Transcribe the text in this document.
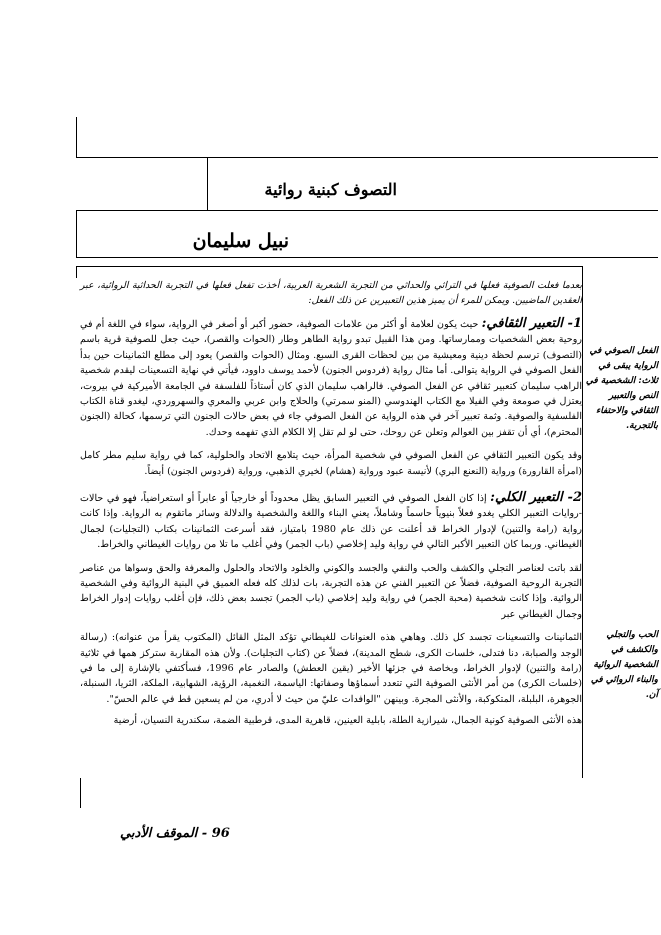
التصوف كبنية روائية
نبيل سليمان

بعدما فعلت الصوفية فعلها في التراثي والحداثي من التجربة الشعرية العربية، أخذت تفعل فعلها في التجربة الحداثية الروائية، عبر العقدين الماضيين. ويمكن للمرء أن يميز هذين التعبيرين عن ذلك الفعل:

1- التعبير الثقافي: حيث يكون لعلامة أو أكثر من علامات الصوفية، حضور أكبر أو أصغر في الرواية، سواء في اللغة أم في روحية بعض الشخصيات وممارساتها. ومن هذا القبيل تبدو رواية الطاهر وطار (الحوات والقصر)، حيث جعل للصوفية قرية باسم (التصوف) ترسم لحظة دينية ومعيشية من بين لحظات القرى السبع. ومثال (الحوات والقصر) يعود إلى مطلع الثمانينات حين بدأ الفعل الصوفي في الرواية يتوالى. أما مثال رواية (فردوس الجنون) لأحمد يوسف داوود، فيأتي في نهاية التسعينات ليقدم شخصية الراهب سليمان كتعبير ثقافي عن الفعل الصوفي. فالراهب سليمان الذي كان أستاذاً للفلسفة في الجامعة الأميركية في بيروت، يعتزل في صومعة وفي الفيلا مع الكتاب الهندوسي (المنو سمرتي) والحلاج وابن عربي والمعري والسهروردي، ليغدو قناة الكتاب الفلسفية والصوفية. وثمة تعبير آخر في هذه الرواية عن الفعل الصوفي جاء في بعض حالات الجنون التي ترسمها، كحالة (الجنون المحترم)، أي أن تقفز بين العوالم وتعلن عن روحك، حتى لو لم تقل إلا الكلام الذي تفهمه وحدك.

وقد يكون التعبير الثقافي عن الفعل الصوفي في شخصية المرأة، حيث يتلامع الاتحاد والحلولية، كما في رواية سليم مطر كامل (امرأة القارورة) ورواية (النعنع البري) لأنيسة عبود ورواية (هشام) لخيري الذهبي، ورواية (فردوس الجنون) أيضاً.

2- التعبير الكلي: إذا كان الفعل الصوفي في التعبير السابق يظل محدوداً أو خارجياً أو عابراً أو استعراضياً، فهو في حالات -روايات التعبير الكلي يغدو فعلاً بنيوياً حاسماً وشاملاً، يعني البناء واللغة والشخصية والدلالة وسائر ماتقوم به الرواية. وإذا كانت رواية (رامة والتنين) لإدوار الخراط قد أعلنت عن ذلك عام 1980 بامتياز، فقد أسرعت الثمانينات بكتاب (التجليات) لجمال الغيطاني. وربما كان التعبير الأكبر التالي في رواية وليد إخلاصي (باب الجمر) وفي أغلب ما تلا من روايات الغيطاني والخراط.

لقد باتت لعناصر التجلي والكشف والحب والنفي والجسد والكوني والخلود والاتحاد والحلول والمعرفة والحق وسواها من عناصر التجربة الروحية الصوفية، فضلاً عن التعبير الفني عن هذه التجربة، بات لذلك كله فعله العميق في البنية الروائية وفي الشخصية الروائية. وإذا كانت شخصية (محبة الجمر) في رواية وليد إخلاصي (باب الجمر) تجسد بعض ذلك، فإن أغلب روايات إدوار الخراط وجمال الغيطاني عبر

الثمانينات والتسعينات تجسد كل ذلك. وهاهي هذه العنوانات للغيطاني تؤكد المثل القائل (المكتوب يقرأ من عنوانه): (رسالة الوجد والصبابة، دنا فتدلى، خلسات الكرى، شطح المدينة)، فضلاً عن (كتاب التجليات). ولأن هذه المقاربة ستركز همها في ثلاثية (رامة والتنين) لإدوار الخراط، وبخاصة في جزئها الأخير (يقين العطش) والصادر عام 1996، فسأكتفي بالإشارة إلى ما في (خلسات الكرى) من أمر الأنثى الصوفية التي تتعدد أسماؤها وصفاتها: الياسمة، النغمية، الرؤية، الشهابية، الملكة، الثريا، السنبلة، الجوهرة، البلبلة، المتكوكبة، والأنثى المجرة. وبينهن "الوافدات عليّ من حيث لا أدري، من لم يسعين قط في عالم الحسّ".

هذه الأنثى الصوفية كونية الجمال، شيرازية الطلة، بابلية العينين، قاهرية المدى، قرطبية الضمة، سكندرية النسيان، أرضية

الفعل الصوفي في الرواية يبقى في ثلاث: الشخصية في النص والتعبير الثقافي والاحتفاء بالتجربة.
الحب والتجلي والكشف في الشخصية الروائية والبناء الروائي في آن.
96 - الموقف الأدبي
